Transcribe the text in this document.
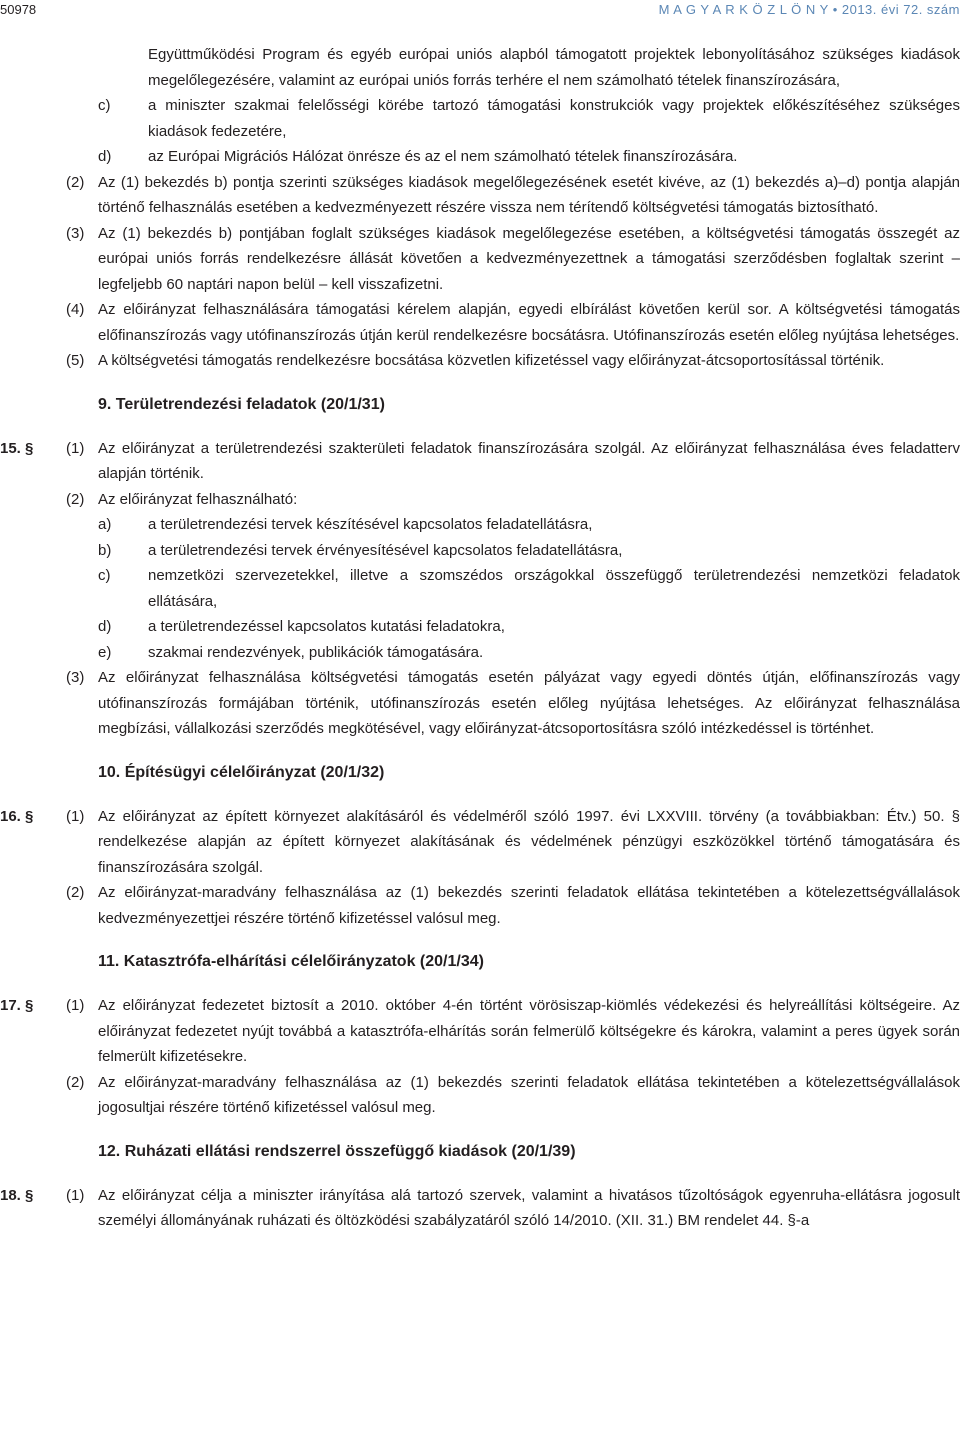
50978	M A G Y A R K Ö Z L Ö N Y • 2013. évi 72. szám

Együttműködési Program és egyéb európai uniós alapból támogatott projektek lebonyolításához szükséges kiadások megelőlegezésére, valamint az európai uniós forrás terhére el nem számolható tételek finanszírozására,

c)	a miniszter szakmai felelősségi körébe tartozó támogatási konstrukciók vagy projektek előkészítéséhez szükséges kiadások fedezetére,
d) az Európai Migrációs Hálózat önrésze és az el nem számolható tételek finanszírozására.
(2) Az (1) bekezdés b) pontja szerinti szükséges kiadások megelőlegezésének esetét kivéve, az (1) bekezdés a)–d) pontja alapján történő felhasználás esetében a kedvezményezett részére vissza nem térítendő költségvetési támogatás biztosítható.
(3) Az (1) bekezdés b) pontjában foglalt szükséges kiadások megelőlegezése esetében, a költségvetési támogatás összegét az európai uniós forrás rendelkezésre állását követően a kedvezményezettnek a támogatási szerződésben foglaltak szerint – legfeljebb 60 naptári napon belül – kell visszafizetni.
(4) Az előirányzat felhasználására támogatási kérelem alapján, egyedi elbírálást követően kerül sor. A költségvetési támogatás előfinanszírozás vagy utófinanszírozás útján kerül rendelkezésre bocsátásra. Utófinanszírozás esetén előleg nyújtása lehetséges.
(5) A költségvetési támogatás rendelkezésre bocsátása közvetlen kifizetéssel vagy előirányzat-átcsoportosítással történik.
9. Területrendezési feladatok (20/1/31)
15. § (1) Az előirányzat a területrendezési szakterületi feladatok finanszírozására szolgál. Az előirányzat felhasználása éves feladatterv alapján történik.
(2) Az előirányzat felhasználható:
a) a területrendezési tervek készítésével kapcsolatos feladatellátásra,
b) a területrendezési tervek érvényesítésével kapcsolatos feladatellátásra,
c)	nemzetközi szervezetekkel, illetve a szomszédos országokkal összefüggő területrendezési nemzetközi feladatok ellátására,
d) a területrendezéssel kapcsolatos kutatási feladatokra,
e) szakmai rendezvények, publikációk támogatására.
(3) Az előirányzat felhasználása költségvetési támogatás esetén pályázat vagy egyedi döntés útján, előfinanszírozás vagy utófinanszírozás formájában történik, utófinanszírozás esetén előleg nyújtása lehetséges. Az előirányzat felhasználása megbízási, vállalkozási szerződés megkötésével, vagy előirányzat-átcsoportosításra szóló intézkedéssel is történhet.
10. Építésügyi célelőirányzat (20/1/32)
16. § (1) Az előirányzat az épített környezet alakításáról és védelméről szóló 1997. évi LXXVIII. törvény (a továbbiakban: Étv.) 50. § rendelkezése alapján az épített környezet alakításának és védelmének pénzügyi eszközökkel történő támogatására és finanszírozására szolgál.
(2) Az előirányzat-maradvány felhasználása az (1) bekezdés szerinti feladatok ellátása tekintetében a kötelezettségvállalások kedvezményezettjei részére történő kifizetéssel valósul meg.
11. Katasztrófa-elhárítási célelőirányzatok (20/1/34)
17. § (1) Az előirányzat fedezetet biztosít a 2010. október 4-én történt vörösiszap-kiömlés védekezési és helyreállítási költségeire. Az előirányzat fedezetet nyújt továbbá a katasztrófa-elhárítás során felmerülő költségekre és károkra, valamint a peres ügyek során felmerült kifizetésekre.
(2) Az előirányzat-maradvány felhasználása az (1) bekezdés szerinti feladatok ellátása tekintetében a kötelezettségvállalások jogosultjai részére történő kifizetéssel valósul meg.
12. Ruházati ellátási rendszerrel összefüggő kiadások (20/1/39)
18. § (1) Az előirányzat célja a miniszter irányítása alá tartozó szervek, valamint a hivatásos tűzoltóságok egyenruha-ellátásra jogosult személyi állományának ruházati és öltözködési szabályzatáról szóló 14/2010. (XII. 31.) BM rendelet 44. §-a
